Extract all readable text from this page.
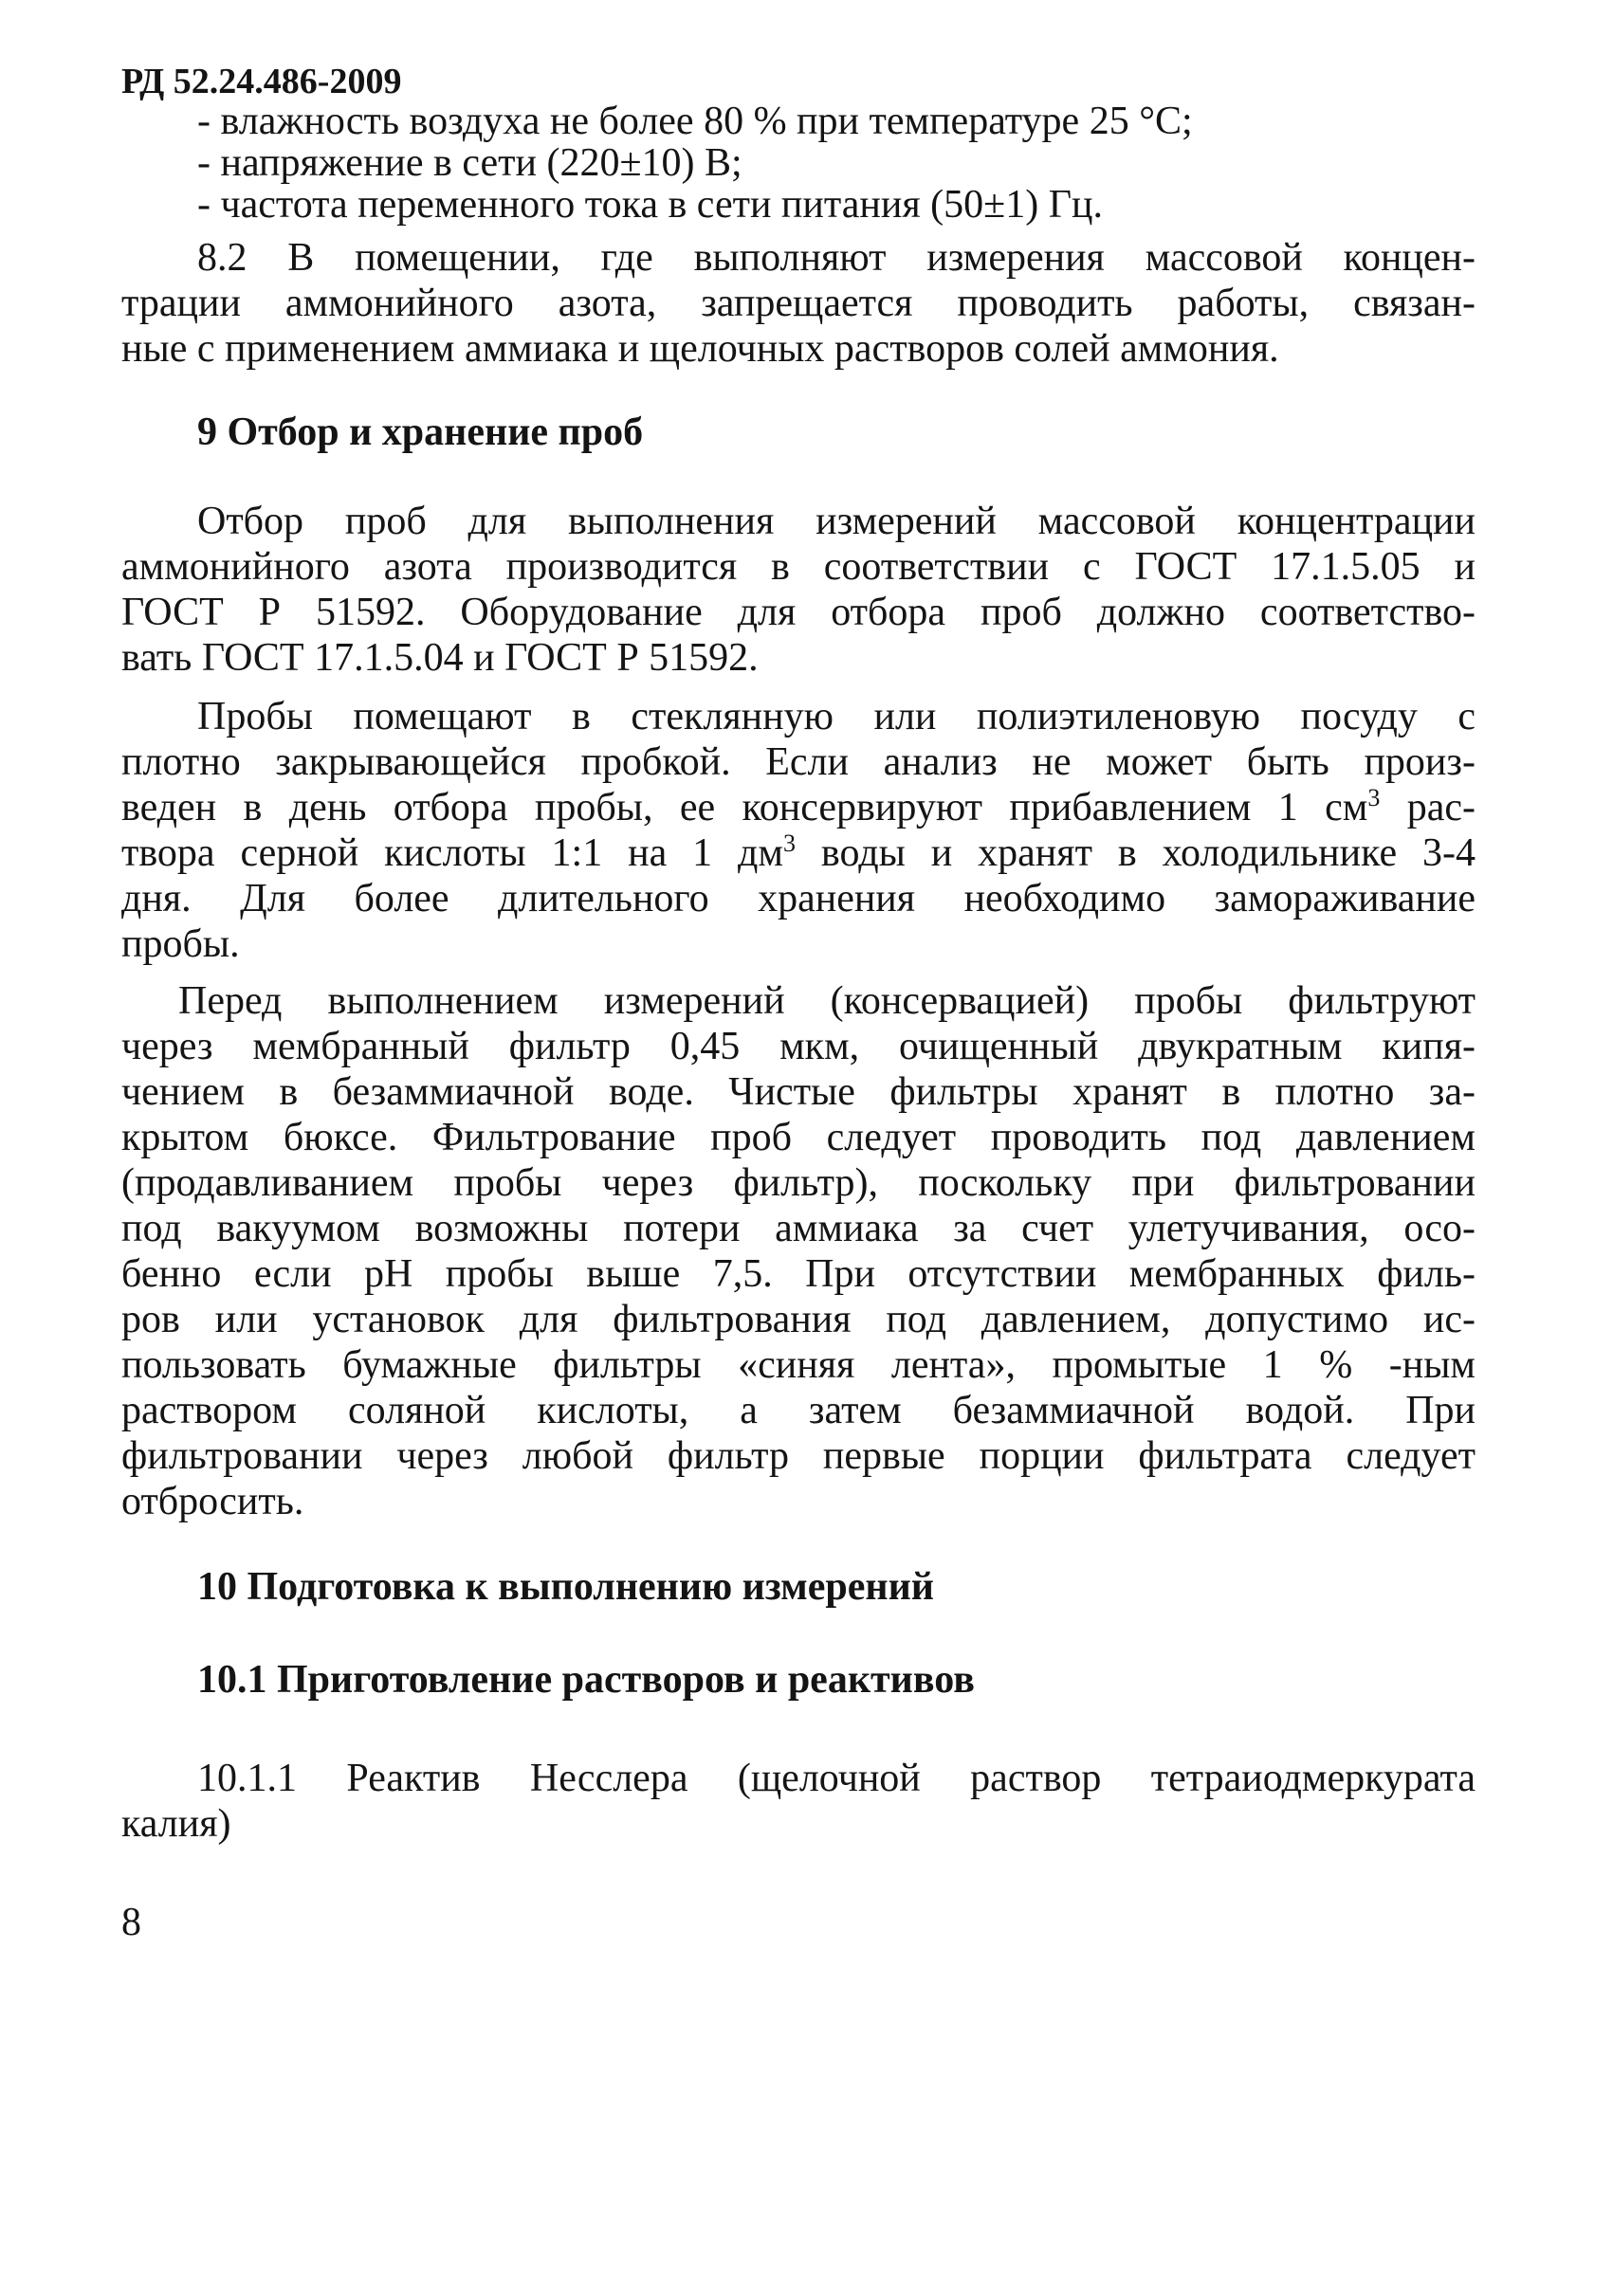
РД 52.24.486-2009
- влажность воздуха не более 80 % при температуре 25 °С;
- напряжение в сети (220±10) В;
- частота переменного тока в сети питания (50±1) Гц.
8.2 В помещении, где выполняют измерения массовой концен-
трации аммонийного азота, запрещается проводить работы, связан-
ные с применением аммиака и щелочных растворов солей аммония.
9 Отбор и хранение проб
Отбор проб для выполнения измерений массовой концентрации
аммонийного азота производится в соответствии с ГОСТ 17.1.5.05 и
ГОСТ Р 51592. Оборудование для отбора проб должно соответство-
вать ГОСТ 17.1.5.04 и ГОСТ Р 51592.
Пробы помещают в стеклянную или полиэтиленовую посуду с
плотно закрывающейся пробкой. Если анализ не может быть произ-
веден в день отбора пробы, ее консервируют прибавлением 1 $см^3$ рас-
твора серной кислоты 1:1 на 1 $дм^3$ воды и хранят в холодильнике 3-4
дня. Для более длительного хранения необходимо замораживание
пробы.
Перед выполнением измерений (консервацией) пробы фильтруют
через мембранный фильтр 0,45 мкм, очищенный двукратным кипя-
чением в безаммиачной воде. Чистые фильтры хранят в плотно за-
крытом бюксе. Фильтрование проб следует проводить под давлением
(продавливанием пробы через фильтр), поскольку при фильтровании
под вакуумом возможны потери аммиака за счет улетучивания, осо-
бенно если рН пробы выше 7,5. При отсутствии мембранных филь-
ров или установок для фильтрования под давлением, допустимо ис-
пользовать бумажные фильтры «синяя лента», промытые 1 % -ным
раствором соляной кислоты, а затем безаммиачной водой. При
фильтровании через любой фильтр первые порции фильтрата следует
отбросить.
10 Подготовка к выполнению измерений
10.1 Приготовление растворов и реактивов
10.1.1 Реактив Несслера (щелочной раствор тетраиодмеркурата
калия)
8
